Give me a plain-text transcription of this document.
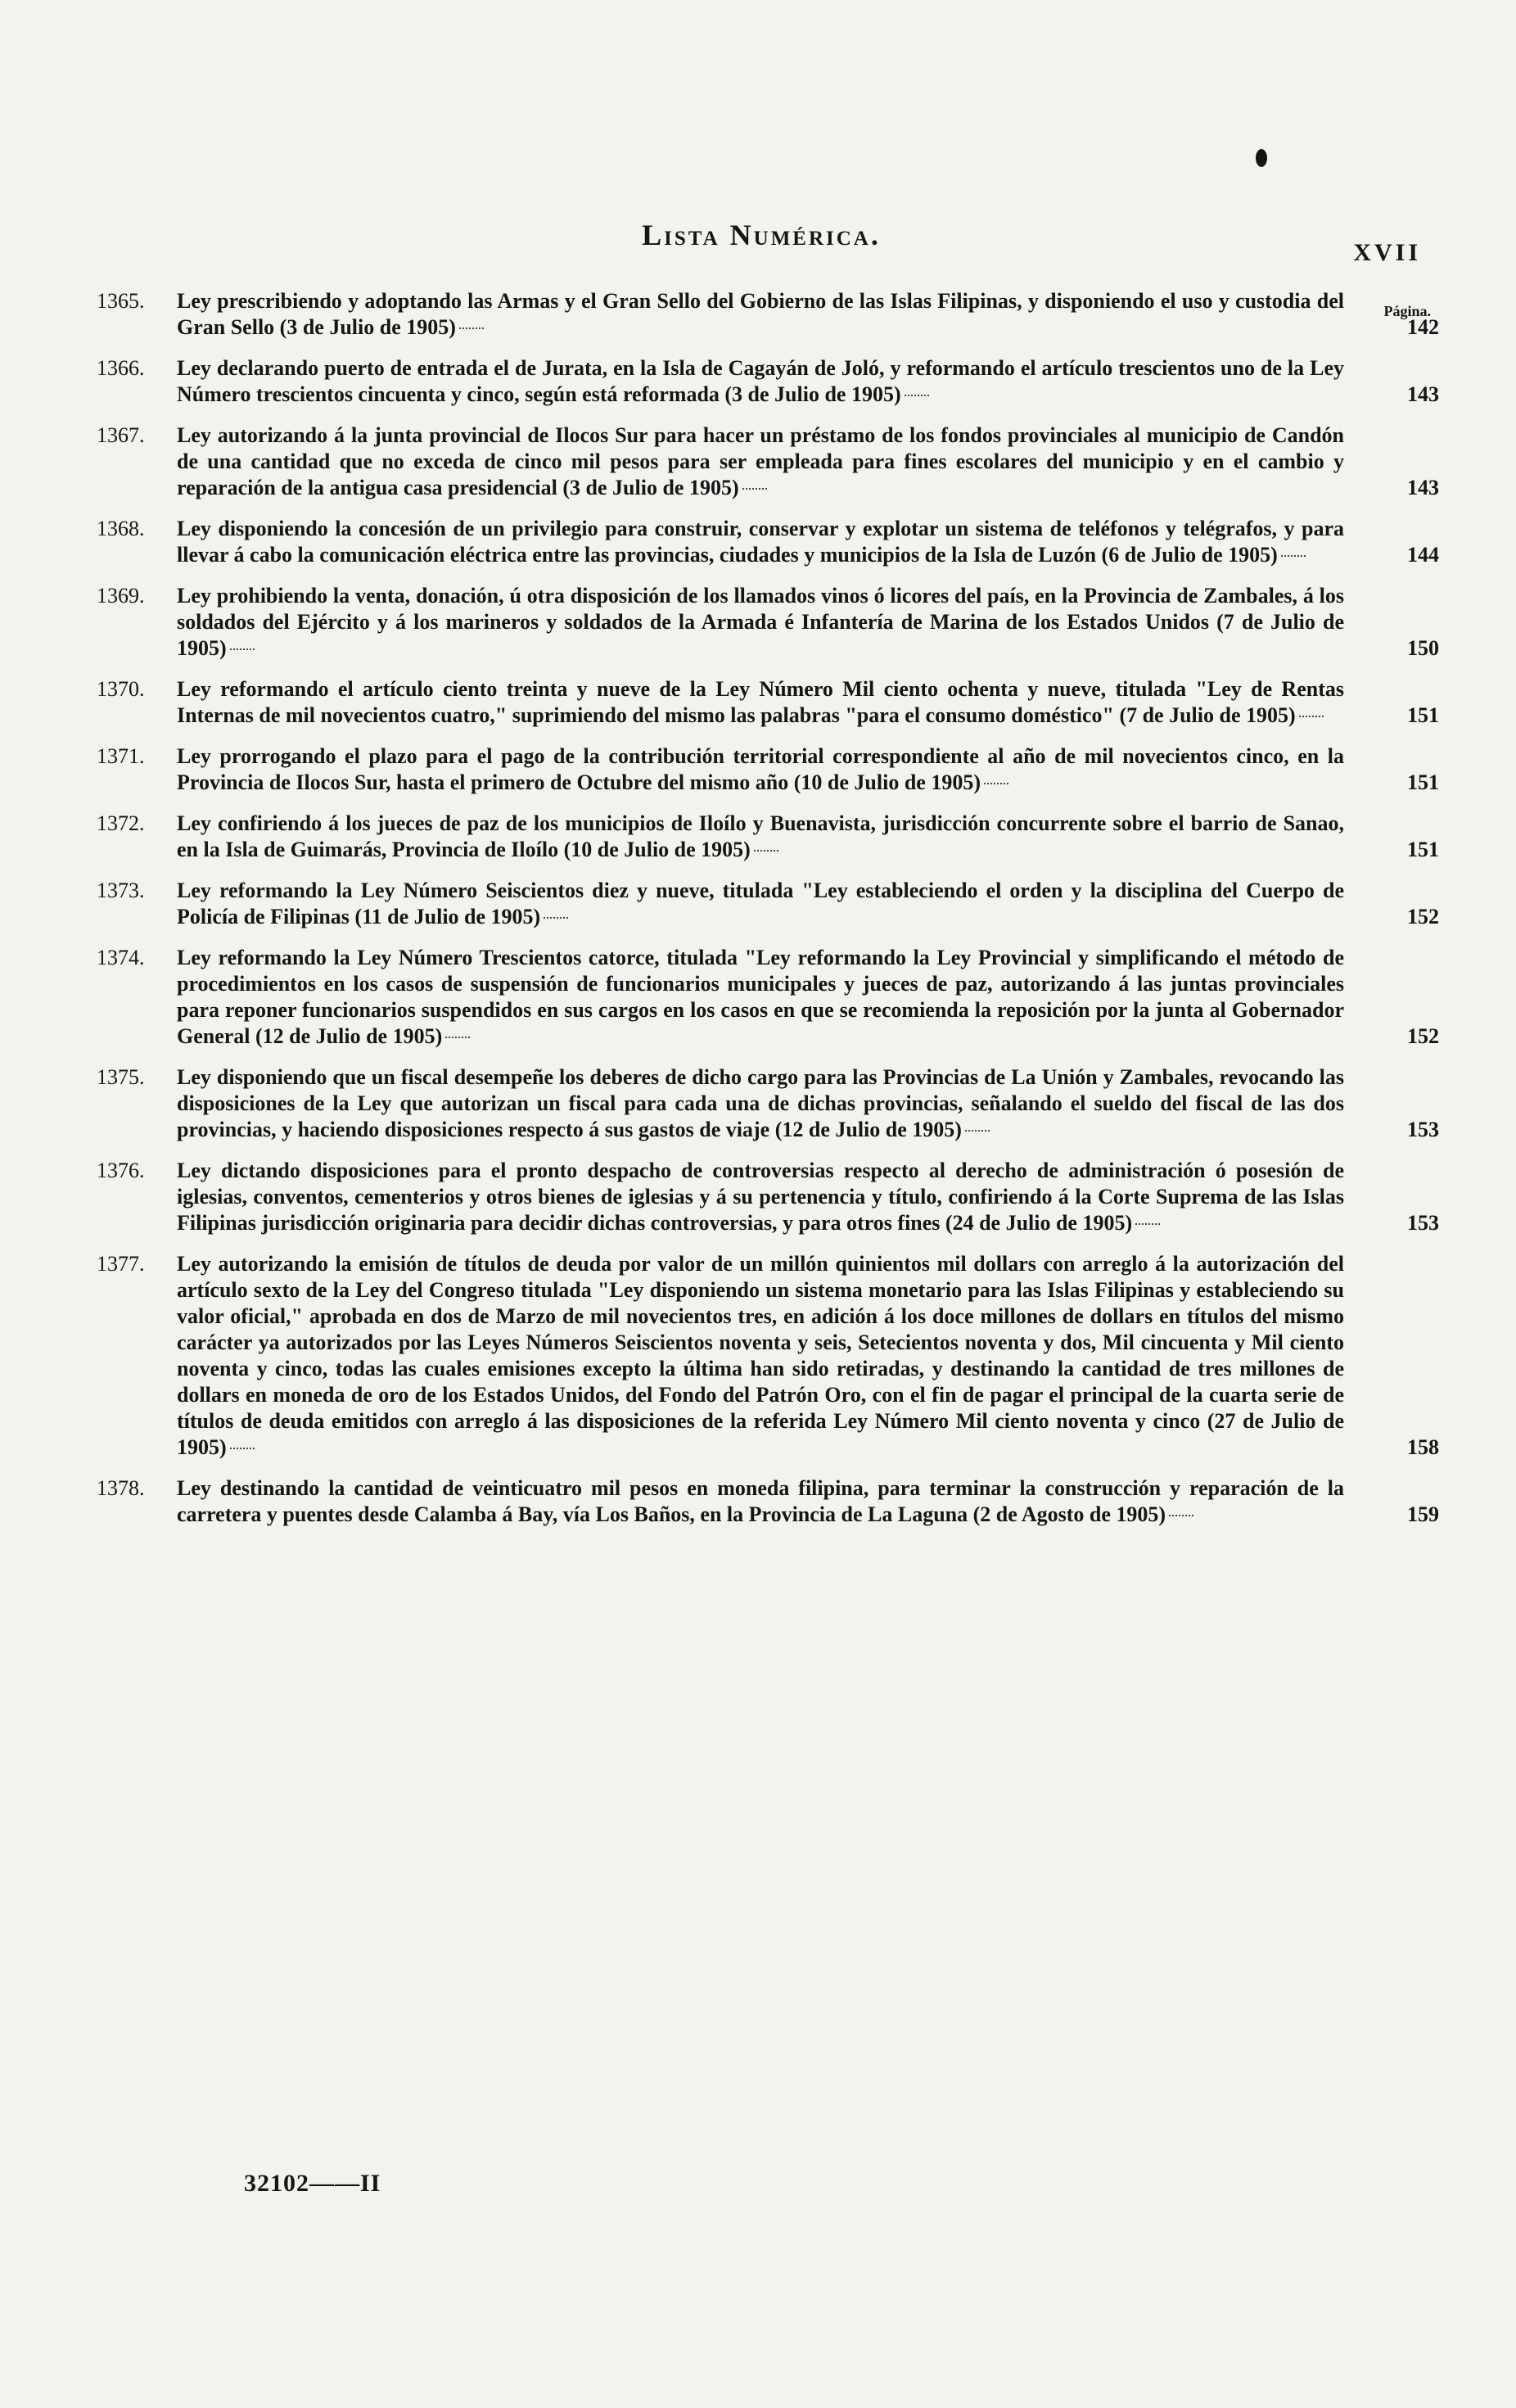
Lista Numérica.
XVII
Página.
1365.	Ley prescribiendo y adoptando las Armas y el Gran Sello del Gobierno de las Islas Filipinas, y disponiendo el uso y custodia del Gran Sello (3 de Julio de 1905)	142
1366.	Ley declarando puerto de entrada el de Jurata, en la Isla de Cagayán de Joló, y reformando el artículo trescientos uno de la Ley Número trescientos cincuenta y cinco, según está reformada (3 de Julio de 1905)	143
1367.	Ley autorizando á la junta provincial de Ilocos Sur para hacer un préstamo de los fondos provinciales al municipio de Candón de una cantidad que no exceda de cinco mil pesos para ser empleada para fines escolares del municipio y en el cambio y reparación de la antigua casa presidencial (3 de Julio de 1905)	143
1368.	Ley disponiendo la concesión de un privilegio para construir, conservar y explotar un sistema de teléfonos y telégrafos, y para llevar á cabo la comunicación eléctrica entre las provincias, ciudades y municipios de la Isla de Luzón (6 de Julio de 1905)	144
1369.	Ley prohibiendo la venta, donación, ú otra disposición de los llamados vinos ó licores del país, en la Provincia de Zambales, á los soldados del Ejército y á los marineros y soldados de la Armada é Infantería de Marina de los Estados Unidos (7 de Julio de 1905)	150
1370.	Ley reformando el artículo ciento treinta y nueve de la Ley Número Mil ciento ochenta y nueve, titulada "Ley de Rentas Internas de mil novecientos cuatro," suprimiendo del mismo las palabras "para el consumo doméstico" (7 de Julio de 1905)	151
1371.	Ley prorrogando el plazo para el pago de la contribución territorial correspondiente al año de mil novecientos cinco, en la Provincia de Ilocos Sur, hasta el primero de Octubre del mismo año (10 de Julio de 1905)	151
1372.	Ley confiriendo á los jueces de paz de los municipios de Iloílo y Buenavista, jurisdicción concurrente sobre el barrio de Sanao, en la Isla de Guimarás, Provincia de Iloílo (10 de Julio de 1905)	151
1373.	Ley reformando la Ley Número Seiscientos diez y nueve, titulada "Ley estableciendo el orden y la disciplina del Cuerpo de Policía de Filipinas (11 de Julio de 1905)	152
1374.	Ley reformando la Ley Número Trescientos catorce, titulada "Ley reformando la Ley Provincial y simplificando el método de procedimientos en los casos de suspensión de funcionarios municipales y jueces de paz, autorizando á las juntas provinciales para reponer funcionarios suspendidos en sus cargos en los casos en que se recomienda la reposición por la junta al Gobernador General (12 de Julio de 1905)	152
1375.	Ley disponiendo que un fiscal desempeñe los deberes de dicho cargo para las Provincias de La Unión y Zambales, revocando las disposiciones de la Ley que autorizan un fiscal para cada una de dichas provincias, señalando el sueldo del fiscal de las dos provincias, y haciendo disposiciones respecto á sus gastos de viaje (12 de Julio de 1905)	153
1376.	Ley dictando disposiciones para el pronto despacho de controversias respecto al derecho de administración ó posesión de iglesias, conventos, cementerios y otros bienes de iglesias y á su pertenencia y título, confiriendo á la Corte Suprema de las Islas Filipinas jurisdicción originaria para decidir dichas controversias, y para otros fines (24 de Julio de 1905)	153
1377.	Ley autorizando la emisión de títulos de deuda por valor de un millón quinientos mil dollars con arreglo á la autorización del artículo sexto de la Ley del Congreso titulada "Ley disponiendo un sistema monetario para las Islas Filipinas y estableciendo su valor oficial," aprobada en dos de Marzo de mil novecientos tres, en adición á los doce millones de dollars en títulos del mismo carácter ya autorizados por las Leyes Números Seiscientos noventa y seis, Setecientos noventa y dos, Mil cincuenta y Mil ciento noventa y cinco, todas las cuales emisiones excepto la última han sido retiradas, y destinando la cantidad de tres millones de dollars en moneda de oro de los Estados Unidos, del Fondo del Patrón Oro, con el fin de pagar el principal de la cuarta serie de títulos de deuda emitidos con arreglo á las disposiciones de la referida Ley Número Mil ciento noventa y cinco (27 de Julio de 1905)	158
1378.	Ley destinando la cantidad de veinticuatro mil pesos en moneda filipina, para terminar la construcción y reparación de la carretera y puentes desde Calamba á Bay, vía Los Baños, en la Provincia de La Laguna (2 de Agosto de 1905)	159
32102——II
